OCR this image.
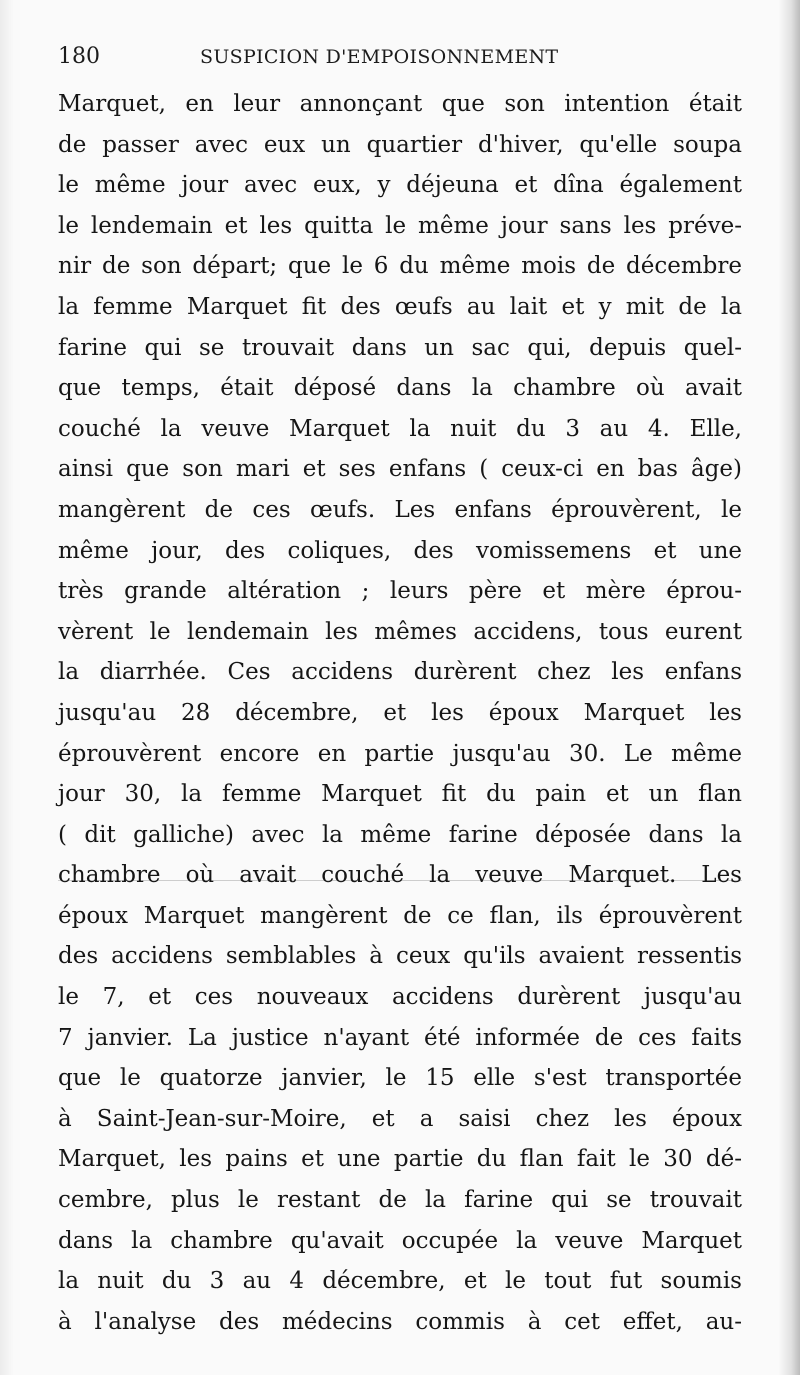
180	SUSPICION D'EMPOISONNEMENT
Marquet, en leur annonçant que son intention était
de passer avec eux un quartier d'hiver, qu'elle soupa
le même jour avec eux, y déjeuna et dîna également
le lendemain et les quitta le même jour sans les préve-
nir de son départ; que le 6 du même mois de décembre
la femme Marquet fit des œufs au lait et y mit de la
farine qui se trouvait dans un sac qui, depuis quel-
que temps, était déposé dans la chambre où avait
couché la veuve Marquet la nuit du 3 au 4. Elle,
ainsi que son mari et ses enfans ( ceux-ci en bas âge)
mangèrent de ces œufs. Les enfans éprouvèrent, le
même jour, des coliques, des vomissemens et une
très grande altération ; leurs père et mère éprou-
vèrent le lendemain les mêmes accidens, tous eurent
la diarrhée. Ces accidens durèrent chez les enfans
jusqu'au 28 décembre, et les époux Marquet les
éprouvèrent encore en partie jusqu'au 30. Le même
jour 30, la femme Marquet fit du pain et un flan
( dit galliche) avec la même farine déposée dans la
chambre où avait couché la veuve Marquet. Les
époux Marquet mangèrent de ce flan, ils éprouvèrent
des accidens semblables à ceux qu'ils avaient ressentis
le 7, et ces nouveaux accidens durèrent jusqu'au
7 janvier. La justice n'ayant été informée de ces faits
que le quatorze janvier, le 15 elle s'est transportée
à Saint-Jean-sur-Moire, et a saisi chez les époux
Marquet, les pains et une partie du flan fait le 30 dé-
cembre, plus le restant de la farine qui se trouvait
dans la chambre qu'avait occupée la veuve Marquet
la nuit du 3 au 4 décembre, et le tout fut soumis
à l'analyse des médecins commis à cet effet, au-
